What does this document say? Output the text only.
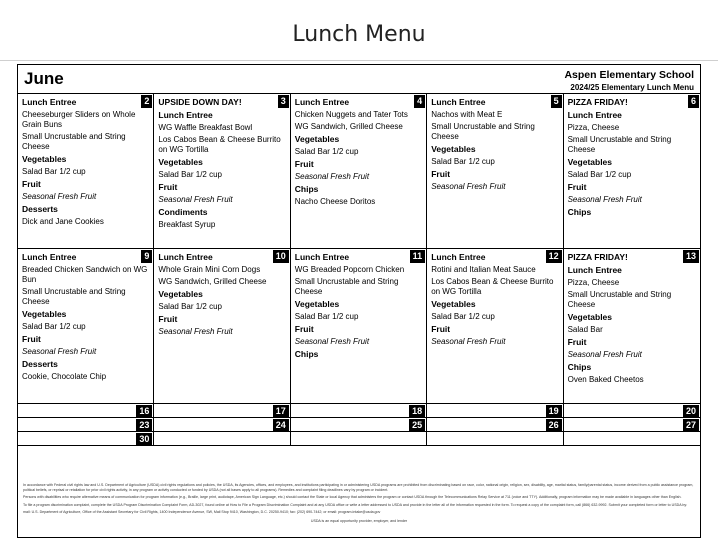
Lunch Menu
June	Aspen Elementary School
2024/25 Elementary Lunch Menu
2
Lunch Entree
Cheeseburger Sliders on Whole Grain Buns
Small Uncrustable and String Cheese
Vegetables
Salad Bar 1/2 cup
Fruit
Seasonal Fresh Fruit
Desserts
Dick and Jane Cookies
3
UPSIDE DOWN DAY!
Lunch Entree
WG Waffle Breakfast Bowl
Los Cabos Bean & Cheese Burrito on WG Tortilla
Vegetables
Salad Bar 1/2 cup
Fruit
Seasonal Fresh Fruit
Condiments
Breakfast Syrup
4
Lunch Entree
Chicken Nuggets and Tater Tots
WG Sandwich, Grilled Cheese
Vegetables
Salad Bar 1/2 cup
Fruit
Seasonal Fresh Fruit
Chips
Nacho Cheese Doritos
5
Lunch Entree
Nachos with Meat E
Small Uncrustable and String Cheese
Vegetables
Salad Bar 1/2 cup
Fruit
Seasonal Fresh Fruit
6
PIZZA FRIDAY!
Lunch Entree
Pizza, Cheese
Small Uncrustable and String Cheese
Vegetables
Salad Bar 1/2 cup
Fruit
Seasonal Fresh Fruit
Chips
9
Lunch Entree
Breaded Chicken Sandwich on WG Bun
Small Uncrustable and String Cheese
Vegetables
Salad Bar 1/2 cup
Fruit
Seasonal Fresh Fruit
Desserts
Cookie, Chocolate Chip
10
Lunch Entree
Whole Grain Mini Corn Dogs
WG Sandwich, Grilled Cheese
Vegetables
Salad Bar 1/2 cup
Fruit
Seasonal Fresh Fruit
11
Lunch Entree
WG Breaded Popcorn Chicken
Small Uncrustable and String Cheese
Vegetables
Salad Bar 1/2 cup
Fruit
Seasonal Fresh Fruit
Chips
12
Lunch Entree
Rotini and Italian Meat Sauce
Los Cabos Bean & Cheese Burrito on WG Tortilla
Vegetables
Salad Bar 1/2 cup
Fruit
Seasonal Fresh Fruit
13
PIZZA FRIDAY!
Lunch Entree
Pizza, Cheese
Small Uncrustable and String Cheese
Vegetables
Salad Bar
Fruit
Seasonal Fresh Fruit
Chips
Oven Baked Cheetos
16	17	18	19	20
23	24	25	26	27
30

In accordance with Federal civil rights law and U.S. Department of Agriculture (USDA) civil rights regulations and policies, the USDA, its Agencies, offices, and employees, and institutions participating in or administering USDA programs are prohibited from discriminating based on race, color, national origin, religion, sex, disability, age, marital status, family/parental status, income derived from a public assistance program, political beliefs, or reprisal or retaliation for prior civil rights activity, in any program or activity conducted or funded by USDA (not all bases apply to all programs). Remedies and complaint filing deadlines vary by program or incident.

Persons with disabilities who require alternative means of communication for program information (e.g., Braille, large print, audiotape, American Sign Language, etc.) should contact the State or local Agency that administers the program or contact USDA through the Telecommunications Relay Service at 711 (voice and TTY). Additionally, program information may be made available in languages other than English.

To file a program discrimination complaint, complete the USDA Program Discrimination Complaint Form, AD-3027, found online at How to File a Program Discrimination Complaint and at any USDA office or write a letter addressed to USDA and provide in the letter all of the information requested in the form. To request a copy of the complaint form, call (866) 632-9992. Submit your completed form or letter to USDA by:

mail: U.S. Department of Agriculture, Office of the Assistant Secretary for Civil Rights, 1400 Independence Avenue, SW, Mail Stop 9410, Washington, D.C. 20250-9410; fax: (202) 690-7442; or email: program.intake@usda.gov

USDA is an equal opportunity provider, employer, and lender
